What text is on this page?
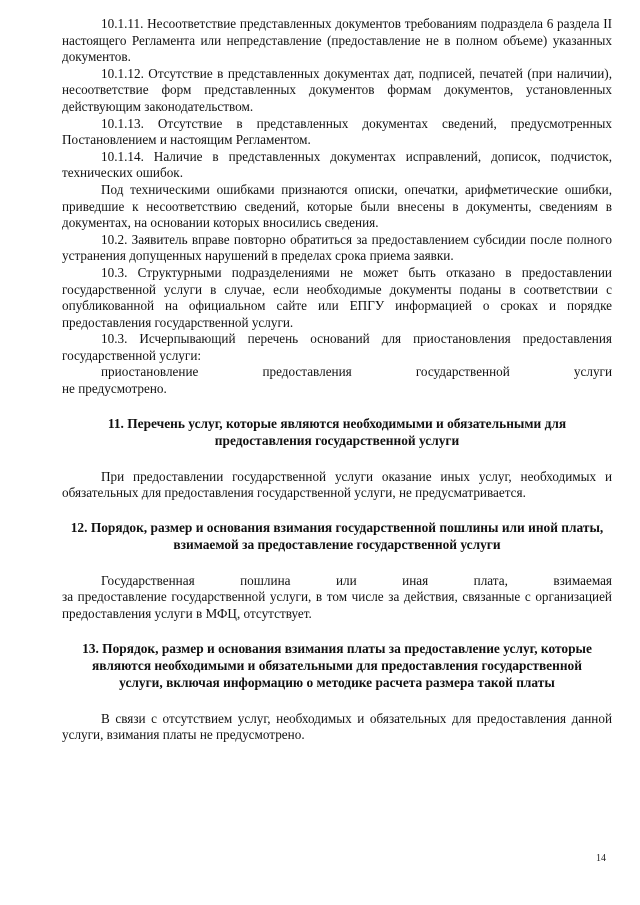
10.1.11. Несоответствие представленных документов требованиям подраздела 6 раздела II настоящего Регламента или непредставление (предоставление не в полном объеме) указанных документов.

10.1.12. Отсутствие в представленных документах дат, подписей, печатей (при наличии), несоответствие форм представленных документов формам документов, установленных действующим законодательством.

10.1.13. Отсутствие в представленных документах сведений, предусмотренных Постановлением и настоящим Регламентом.

10.1.14. Наличие в представленных документах исправлений, дописок, подчисток, технических ошибок.

Под техническими ошибками признаются описки, опечатки, арифметические ошибки, приведшие к несоответствию сведений, которые были внесены в документы, сведениям в документах, на основании которых вносились сведения.

10.2. Заявитель вправе повторно обратиться за предоставлением субсидии после полного устранения допущенных нарушений в пределах срока приема заявки.

10.3. Структурными подразделениями не может быть отказано в предоставлении государственной услуги в случае, если необходимые документы поданы в соответствии с опубликованной на официальном сайте или ЕПГУ информацией о сроках и порядке предоставления государственной услуги.

10.3. Исчерпывающий перечень оснований для приостановления предоставления государственной услуги:

приостановление предоставления государственной услуги

не предусмотрено.

11. Перечень услуг, которые являются необходимыми и обязательными для предоставления государственной услуги

При предоставлении государственной услуги оказание иных услуг, необходимых и обязательных для предоставления государственной услуги, не предусматривается.

12. Порядок, размер и основания взимания государственной пошлины или иной платы, взимаемой за предоставление государственной услуги

Государственная пошлина или иная плата, взимаемая

за предоставление государственной услуги, в том числе за действия, связанные с организацией предоставления услуги в МФЦ, отсутствует.

13. Порядок, размер и основания взимания платы за предоставление услуг, которые являются необходимыми и обязательными для предоставления государственной услуги, включая информацию о методике расчета размера такой платы

В связи с отсутствием услуг, необходимых и обязательных для предоставления данной услуги, взимания платы не предусмотрено.

14
